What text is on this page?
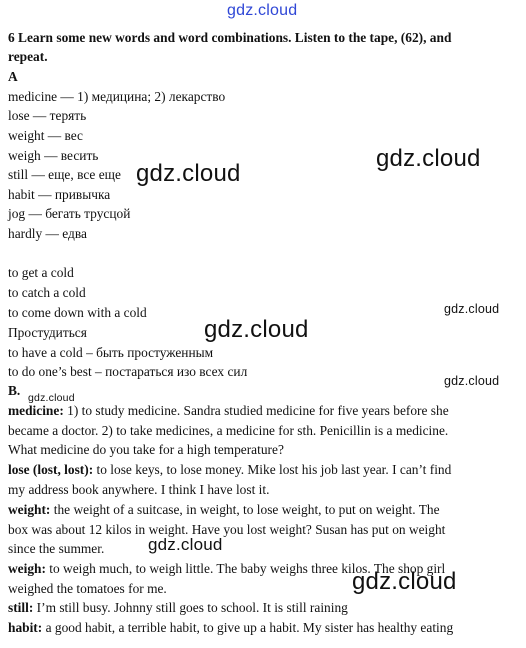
gdz.cloud
6 Learn some new words and word combinations. Listen to the tape, (62), and
repeat.
A
medicine — 1) медицина; 2) лекарство
lose — терять
weight — вес
weigh — весить
still — еще, все еще
habit — привычка
jog — бегать трусцой
hardly — едва
to get a cold
to catch a cold
to come down with a cold
Простудиться
to have a cold – быть простуженным
to do one’s best – постараться изо всех сил
B.
medicine: 1) to study medicine. Sandra studied medicine for five years before she
became a doctor. 2) to take medicines, a medicine for sth. Penicillin is a medicine.
What medicine do you take for a high temperature?
lose (lost, lost): to lose keys, to lose money. Mike lost his job last year. I can’t find
my address book anywhere. I think I have lost it.
weight: the weight of a suitcase, in weight, to lose weight, to put on weight. The
box was about 12 kilos in weight. Have you lost weight? Susan has put on weight
since the summer.
weigh: to weigh much, to weigh little. The baby weighs three kilos. The shop girl
weighed the tomatoes for me.
still: I’m still busy. Johnny still goes to school. It is still raining
habit: a good habit, a terrible habit, to give up a habit. My sister has healthy eating
gdz.cloud
gdz.cloud
gdz.cloud
gdz.cloud
gdz.cloud
gdz.cloud
gdz.cloud
gdz.cloud
